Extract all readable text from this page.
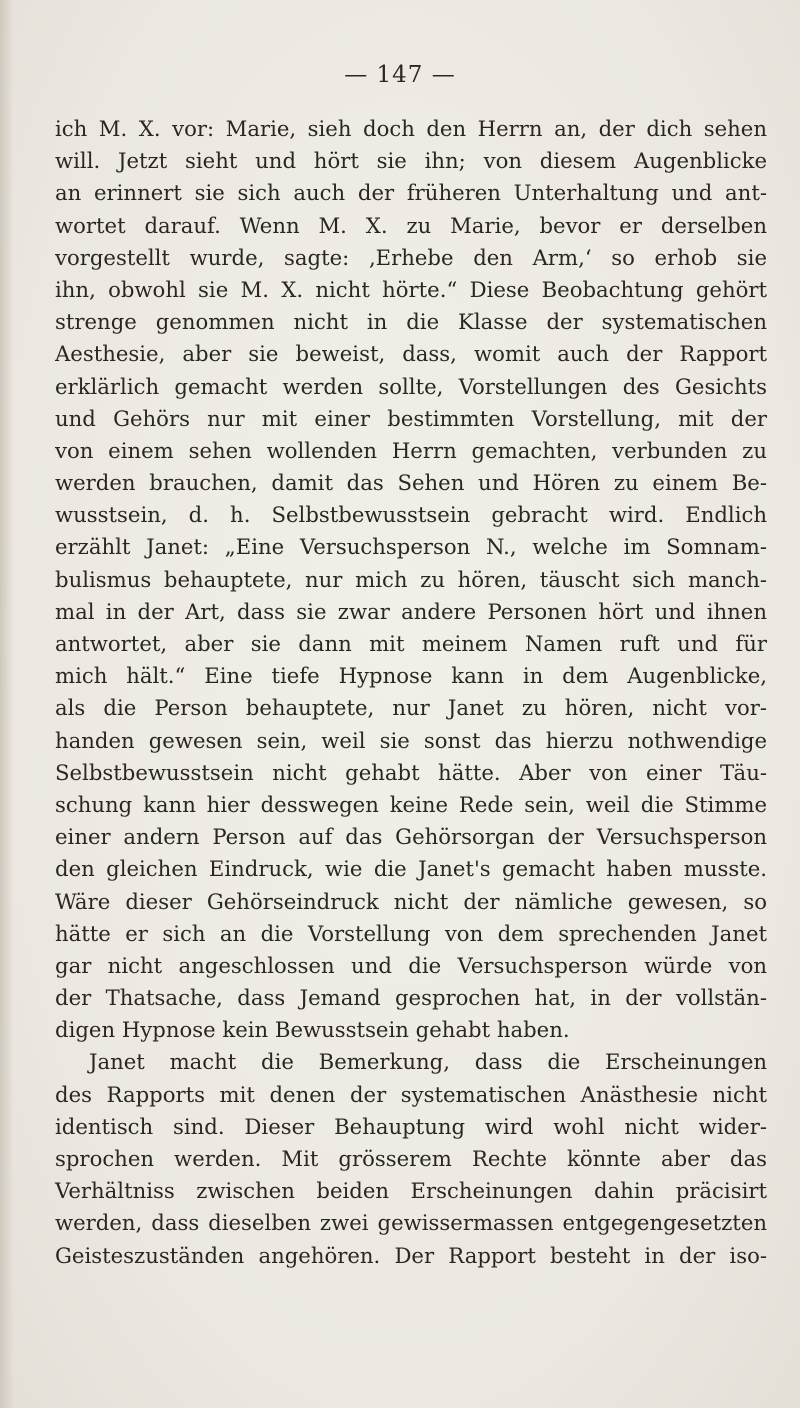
— 147 —
ich M. X. vor: Marie, sieh doch den Herrn an, der dich sehen
will. Jetzt sieht und hört sie ihn; von diesem Augenblicke
an erinnert sie sich auch der früheren Unterhaltung und ant-
wortet darauf. Wenn M. X. zu Marie, bevor er derselben
vorgestellt wurde, sagte: ‚Erhebe den Arm,‘ so erhob sie
ihn, obwohl sie M. X. nicht hörte.“ Diese Beobachtung gehört
strenge genommen nicht in die Klasse der systematischen
Aesthesie, aber sie beweist, dass, womit auch der Rapport
erklärlich gemacht werden sollte, Vorstellungen des Gesichts
und Gehörs nur mit einer bestimmten Vorstellung, mit der
von einem sehen wollenden Herrn gemachten, verbunden zu
werden brauchen, damit das Sehen und Hören zu einem Be-
wusstsein, d. h. Selbstbewusstsein gebracht wird. Endlich
erzählt Janet: „Eine Versuchsperson N., welche im Somnam-
bulismus behauptete, nur mich zu hören, täuscht sich manch-
mal in der Art, dass sie zwar andere Personen hört und ihnen
antwortet, aber sie dann mit meinem Namen ruft und für
mich hält.“ Eine tiefe Hypnose kann in dem Augenblicke,
als die Person behauptete, nur Janet zu hören, nicht vor-
handen gewesen sein, weil sie sonst das hierzu nothwendige
Selbstbewusstsein nicht gehabt hätte. Aber von einer Täu-
schung kann hier desswegen keine Rede sein, weil die Stimme
einer andern Person auf das Gehörsorgan der Versuchsperson
den gleichen Eindruck, wie die Janet's gemacht haben musste.
Wäre dieser Gehörseindruck nicht der nämliche gewesen, so
hätte er sich an die Vorstellung von dem sprechenden Janet
gar nicht angeschlossen und die Versuchsperson würde von
der Thatsache, dass Jemand gesprochen hat, in der vollstän-
digen Hypnose kein Bewusstsein gehabt haben.
Janet macht die Bemerkung, dass die Erscheinungen
des Rapports mit denen der systematischen Anästhesie nicht
identisch sind. Dieser Behauptung wird wohl nicht wider-
sprochen werden. Mit grösserem Rechte könnte aber das
Verhältniss zwischen beiden Erscheinungen dahin präcisirt
werden, dass dieselben zwei gewissermassen entgegengesetzten
Geisteszuständen angehören. Der Rapport besteht in der iso-
